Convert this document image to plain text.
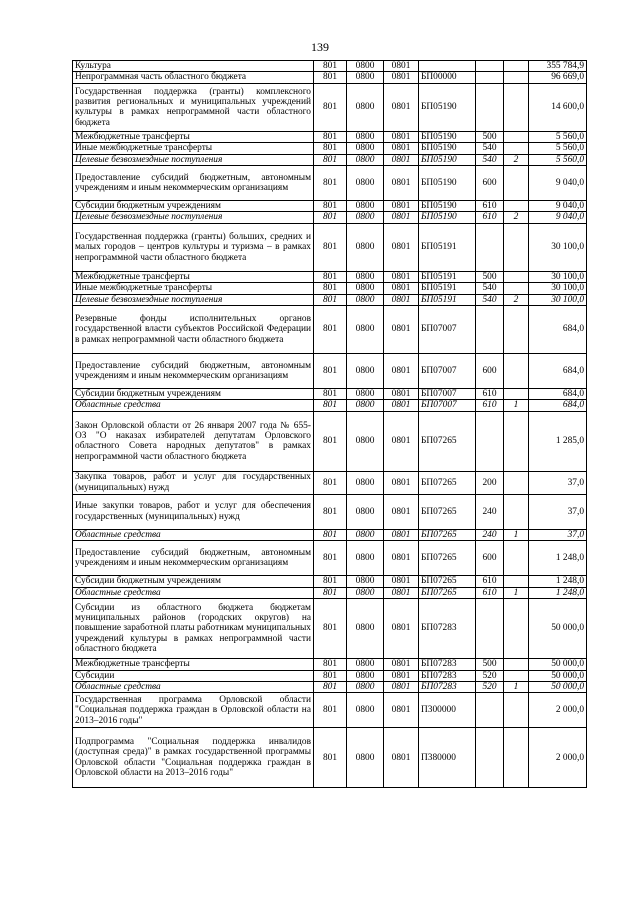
139
Культура	801	0800	0801				355 784,9
Непрограммная часть областного бюджета	801	0800	0801	БП00000			96 669,0
Государственная поддержка (гранты) комплексного развития региональных и муниципальных учреждений культуры в рамках непрограммной части областного бюджета	801	0800	0801	БП05190			14 600,0
Межбюджетные трансферты	801	0800	0801	БП05190	500		5 560,0
Иные межбюджетные трансферты	801	0800	0801	БП05190	540		5 560,0
Целевые безвозмездные поступления	801	0800	0801	БП05190	540	2	5 560,0
Предоставление субсидий бюджетным, автономным учреждениям и иным некоммерческим организациям	801	0800	0801	БП05190	600		9 040,0
Субсидии бюджетным учреждениям	801	0800	0801	БП05190	610		9 040,0
Целевые безвозмездные поступления	801	0800	0801	БП05190	610	2	9 040,0
Государственная поддержка (гранты) больших, средних и малых городов – центров культуры и туризма – в рамках непрограммной части областного бюджета	801	0800	0801	БП05191			30 100,0
Межбюджетные трансферты	801	0800	0801	БП05191	500		30 100,0
Иные межбюджетные трансферты	801	0800	0801	БП05191	540		30 100,0
Целевые безвозмездные поступления	801	0800	0801	БП05191	540	2	30 100,0
Резервные фонды исполнительных органов государственной власти субъектов Российской Федерации в рамках непрограммной части областного бюджета	801	0800	0801	БП07007			684,0
Предоставление субсидий бюджетным, автономным учреждениям и иным некоммерческим организациям	801	0800	0801	БП07007	600		684,0
Субсидии бюджетным учреждениям	801	0800	0801	БП07007	610		684,0
Областные средства	801	0800	0801	БП07007	610	1	684,0
Закон Орловской области от 26 января 2007 года № 655-ОЗ "О наказах избирателей депутатам Орловского областного Совета народных депутатов" в рамках непрограммной части областного бюджета	801	0800	0801	БП07265			1 285,0
Закупка товаров, работ и услуг для государственных (муниципальных) нужд	801	0800	0801	БП07265	200		37,0
Иные закупки товаров, работ и услуг для обеспечения государственных (муниципальных) нужд	801	0800	0801	БП07265	240		37,0
Областные средства	801	0800	0801	БП07265	240	1	37,0
Предоставление субсидий бюджетным, автономным учреждениям и иным некоммерческим организациям	801	0800	0801	БП07265	600		1 248,0
Субсидии бюджетным учреждениям	801	0800	0801	БП07265	610		1 248,0
Областные средства	801	0800	0801	БП07265	610	1	1 248,0
Субсидии из областного бюджета бюджетам муниципальных районов (городских округов) на повышение заработной платы работникам муниципальных учреждений культуры в рамках непрограммной части областного бюджета	801	0800	0801	БП07283			50 000,0
Межбюджетные трансферты	801	0800	0801	БП07283	500		50 000,0
Субсидии	801	0800	0801	БП07283	520		50 000,0
Областные средства	801	0800	0801	БП07283	520	1	50 000,0
Государственная программа Орловской области "Социальная поддержка граждан в Орловской области на 2013–2016 годы"	801	0800	0801	П300000			2 000,0
Подпрограмма "Социальная поддержка инвалидов (доступная среда)" в рамках государственной программы Орловской области "Социальная поддержка граждан в Орловской области на 2013–2016 годы"	801	0800	0801	П380000			2 000,0
